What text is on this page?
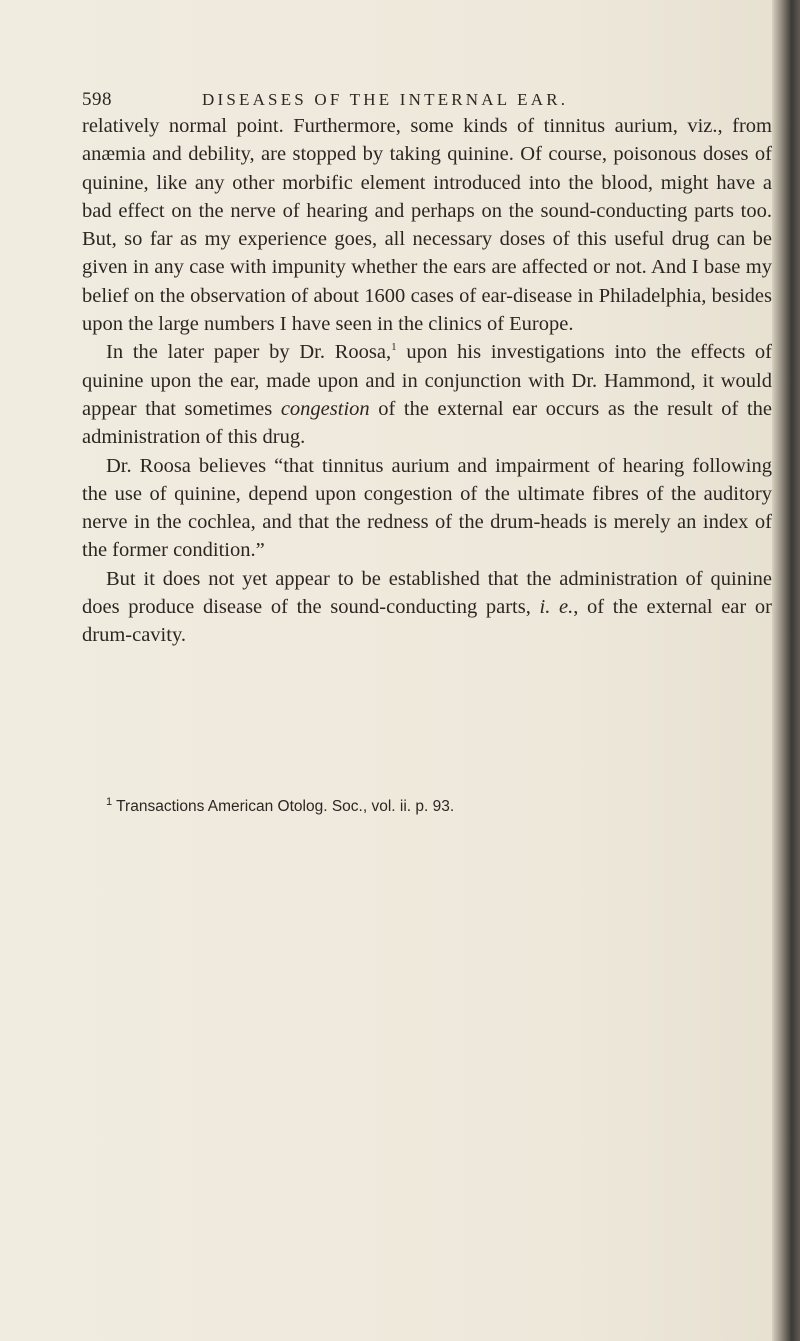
598	DISEASES OF THE INTERNAL EAR.

relatively normal point. Furthermore, some kinds of tinnitus aurium, viz., from anæmia and debility, are stopped by taking quinine. Of course, poisonous doses of quinine, like any other morbific element introduced into the blood, might have a bad effect on the nerve of hearing and perhaps on the sound-conducting parts too. But, so far as my experience goes, all necessary doses of this useful drug can be given in any case with impunity whether the ears are affected or not. And I base my belief on the observation of about 1600 cases of ear-disease in Philadelphia, besides upon the large numbers I have seen in the clinics of Europe.

In the later paper by Dr. Roosa,$^1$ upon his investigations into the effects of quinine upon the ear, made upon and in conjunction with Dr. Hammond, it would appear that sometimes congestion of the external ear occurs as the result of the administration of this drug.

Dr. Roosa believes “that tinnitus aurium and impairment of hearing following the use of quinine, depend upon congestion of the ultimate fibres of the auditory nerve in the cochlea, and that the redness of the drum-heads is merely an index of the former condition.”

But it does not yet appear to be established that the administration of quinine does produce disease of the sound-conducting parts, i. e., of the external ear or drum-cavity.

$^1$ Transactions American Otolog. Soc., vol. ii. p. 93.
